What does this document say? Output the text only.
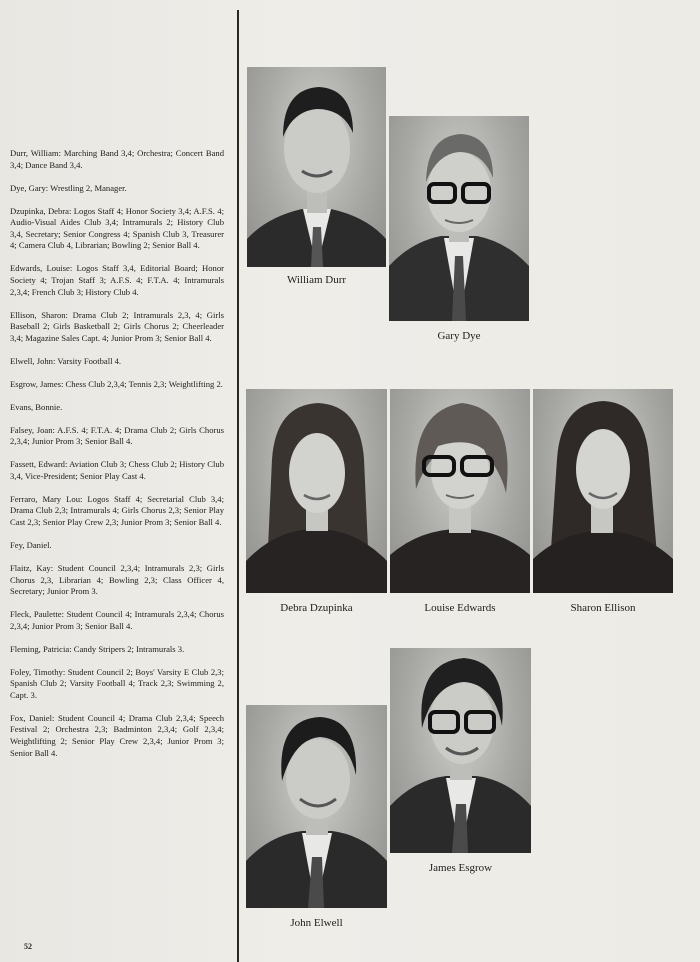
Durr, William: Marching Band 3,4; Orchestra; Concert Band 3,4; Dance Band 3,4.

Dye, Gary: Wrestling 2, Manager.

Dzupinka, Debra: Logos Staff 4; Honor Society 3,4; A.F.S. 4; Audio-Visual Aides Club 3,4; Intramurals 2; History Club 3,4, Secretary; Senior Congress 4; Spanish Club 3, Treasurer 4; Camera Club 4, Librarian; Bowling 2; Senior Ball 4.

Edwards, Louise: Logos Staff 3,4, Editorial Board; Honor Society 4; Trojan Staff 3; A.F.S. 4; F.T.A. 4; Intramurals 2,3,4; French Club 3; History Club 4.

Ellison, Sharon: Drama Club 2; Intramurals 2,3, 4; Girls Baseball 2; Girls Basketball 2; Girls Chorus 2; Cheerleader 3,4; Magazine Sales Capt. 4; Junior Prom 3; Senior Ball 4.

Elwell, John: Varsity Football 4.

Esgrow, James: Chess Club 2,3,4; Tennis 2,3; Weightlifting 2.

Evans, Bonnie.

Falsey, Joan: A.F.S. 4; F.T.A. 4; Drama Club 2; Girls Chorus 2,3,4; Junior Prom 3; Senior Ball 4.

Fassett, Edward: Aviation Club 3; Chess Club 2; History Club 3,4, Vice-President; Senior Play Cast 4.

Ferraro, Mary Lou: Logos Staff 4; Secretarial Club 3,4; Drama Club 2,3; Intramurals 4; Girls Chorus 2,3; Senior Play Cast 2,3; Senior Play Crew 2,3; Junior Prom 3; Senior Ball 4.

Fey, Daniel.

Flaitz, Kay: Student Council 2,3,4; Intramurals 2,3; Girls Chorus 2,3, Librarian 4; Bowling 2,3; Class Officer 4, Secretary; Junior Prom 3.

Fleck, Paulette: Student Council 4; Intramurals 2,3,4; Chorus 2,3,4; Junior Prom 3; Senior Ball 4.

Fleming, Patricia: Candy Stripers 2; Intramurals 3.

Foley, Timothy: Student Council 2; Boys' Varsity E Club 2,3; Spanish Club 2; Varsity Football 4; Track 2,3; Swimming 2, Capt. 3.

Fox, Daniel: Student Council 4; Drama Club 2,3,4; Speech Festival 2; Orchestra 2,3; Badminton 2,3,4; Golf 2,3,4; Weightlifting 2; Senior Play Crew 2,3,4; Junior Prom 3; Senior Ball 4.

52
William Durr
Gary Dye
Debra Dzupinka	Louise Edwards	Sharon Ellison
John Elwell
James Esgrow
